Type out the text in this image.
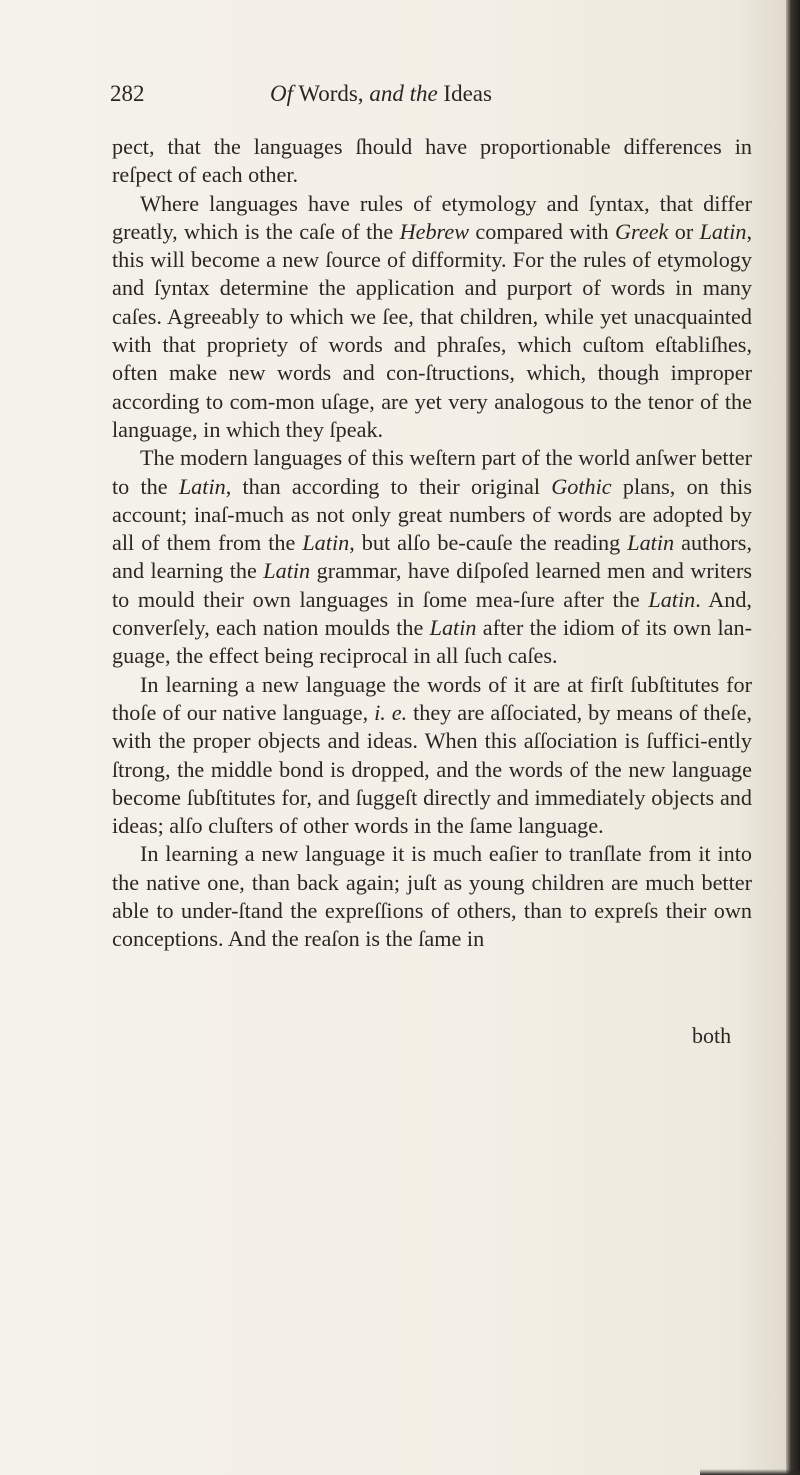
282	Of Words, and the Ideas

pect, that the languages ſhould have proportionable differences in reſpect of each other.

Where languages have rules of etymology and ſyntax, that differ greatly, which is the caſe of the Hebrew compared with Greek or Latin, this will become a new ſource of difformity. For the rules of etymology and ſyntax determine the application and purport of words in many caſes. Agreeably to which we ſee, that children, while yet unacquainted with that propriety of words and phraſes, which cuſtom eſtabliſhes, often make new words and con-ſtructions, which, though improper according to com-mon uſage, are yet very analogous to the tenor of the language, in which they ſpeak.

The modern languages of this weſtern part of the world anſwer better to the Latin, than according to their original Gothic plans, on this account; inaſ-much as not only great numbers of words are adopted by all of them from the Latin, but alſo be-cauſe the reading Latin authors, and learning the Latin grammar, have diſpoſed learned men and writers to mould their own languages in ſome mea-ſure after the Latin. And, converſely, each nation moulds the Latin after the idiom of its own lan-guage, the effect being reciprocal in all ſuch caſes.

In learning a new language the words of it are at firſt ſubſtitutes for thoſe of our native language, i. e. they are aſſociated, by means of theſe, with the proper objects and ideas. When this aſſociation is ſuffici-ently ſtrong, the middle bond is dropped, and the words of the new language become ſubſtitutes for, and ſuggeſt directly and immediately objects and ideas; alſo cluſters of other words in the ſame language.

In learning a new language it is much eaſier to tranſlate from it into the native one, than back again; juſt as young children are much better able to under-ſtand the expreſſions of others, than to expreſs their own conceptions. And the reaſon is the ſame in

both
